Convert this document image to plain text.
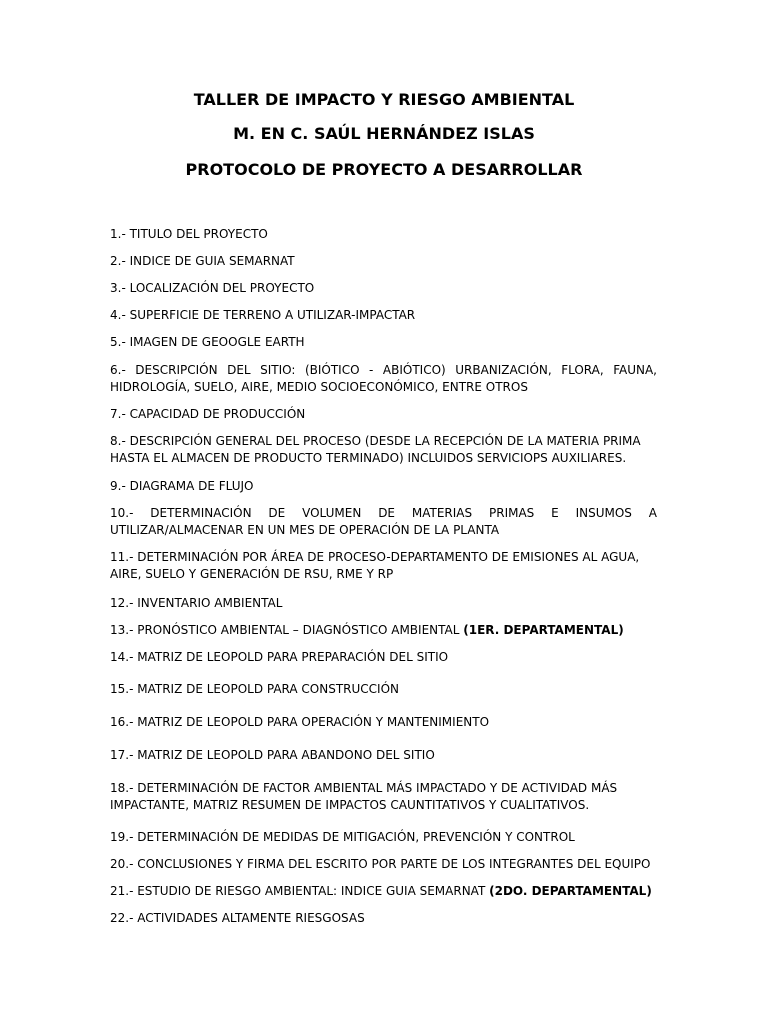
TALLER DE IMPACTO Y RIESGO AMBIENTAL
M. EN C. SAÚL HERNÁNDEZ ISLAS
PROTOCOLO DE PROYECTO A DESARROLLAR
1.- TITULO DEL PROYECTO
2.- INDICE DE GUIA SEMARNAT
3.- LOCALIZACIÓN DEL PROYECTO
4.- SUPERFICIE DE TERRENO A UTILIZAR-IMPACTAR
5.- IMAGEN DE GEOOGLE EARTH
6.- DESCRIPCIÓN DEL SITIO: (BIÓTICO - ABIÓTICO) URBANIZACIÓN, FLORA, FAUNA, HIDROLOGÍA, SUELO, AIRE, MEDIO SOCIOECONÓMICO, ENTRE OTROS
7.- CAPACIDAD DE PRODUCCIÓN
8.- DESCRIPCIÓN GENERAL DEL PROCESO (DESDE LA RECEPCIÓN DE LA MATERIA PRIMA HASTA EL ALMACEN DE PRODUCTO TERMINADO) INCLUIDOS SERVICIOPS AUXILIARES.
9.- DIAGRAMA DE FLUJO
10.- DETERMINACIÓN DE VOLUMEN DE MATERIAS PRIMAS E INSUMOS A UTILIZAR/ALMACENAR EN UN MES DE OPERACIÓN DE LA PLANTA
11.- DETERMINACIÓN POR ÁREA DE PROCESO-DEPARTAMENTO DE EMISIONES AL AGUA, AIRE, SUELO Y GENERACIÓN DE RSU, RME Y RP
12.- INVENTARIO AMBIENTAL
13.- PRONÓSTICO AMBIENTAL – DIAGNÓSTICO AMBIENTAL (1ER. DEPARTAMENTAL)
14.- MATRIZ DE LEOPOLD PARA PREPARACIÓN DEL SITIO
15.- MATRIZ DE LEOPOLD PARA CONSTRUCCIÓN
16.- MATRIZ DE LEOPOLD PARA OPERACIÓN Y MANTENIMIENTO
17.- MATRIZ DE LEOPOLD PARA ABANDONO DEL SITIO
18.- DETERMINACIÓN DE FACTOR AMBIENTAL MÁS IMPACTADO Y DE ACTIVIDAD MÁS IMPACTANTE, MATRIZ RESUMEN DE IMPACTOS CAUNTITATIVOS Y CUALITATIVOS.
19.- DETERMINACIÓN DE MEDIDAS DE MITIGACIÓN, PREVENCIÓN Y CONTROL
20.- CONCLUSIONES Y FIRMA DEL ESCRITO POR PARTE DE LOS INTEGRANTES DEL EQUIPO
21.- ESTUDIO DE RIESGO AMBIENTAL: INDICE GUIA SEMARNAT (2DO. DEPARTAMENTAL)
22.- ACTIVIDADES ALTAMENTE RIESGOSAS
